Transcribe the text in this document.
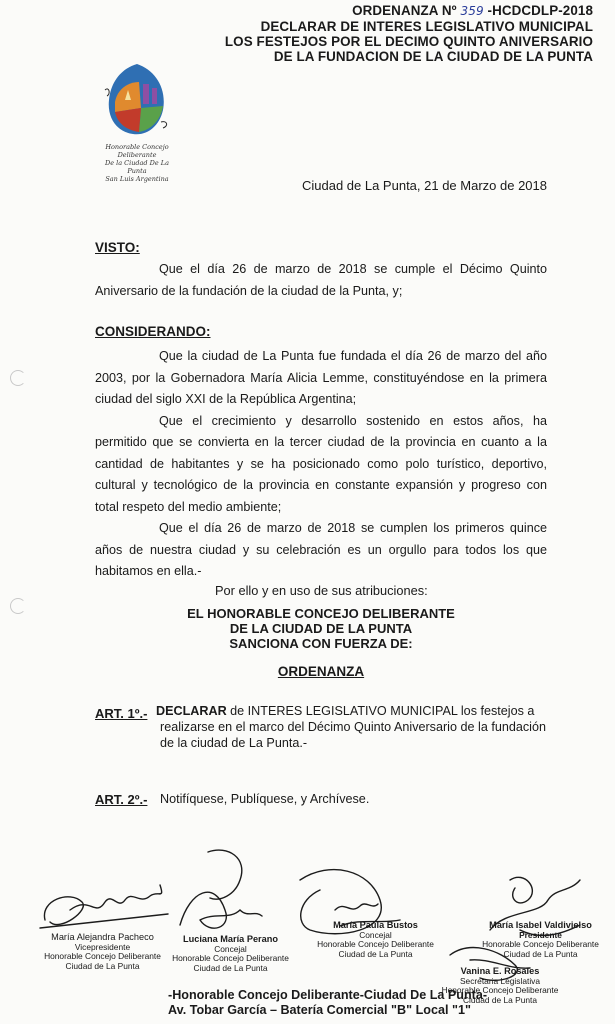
ORDENANZA Nº 359 -HCDCDLP-2018
DECLARAR DE INTERES LEGISLATIVO MUNICIPAL
LOS FESTEJOS POR EL DECIMO QUINTO ANIVERSARIO
DE LA FUNDACION DE LA CIUDAD DE LA PUNTA
Honorable Concejo Deliberante
De la Ciudad De La Punta
San Luis Argentina	Ciudad de La Punta, 21 de Marzo de 2018
VISTO:
Que el día 26 de marzo de 2018 se cumple el Décimo Quinto Aniversario de la fundación de la ciudad de la Punta, y;
CONSIDERANDO:
Que la ciudad de La Punta fue fundada el día 26 de marzo del año 2003, por la Gobernadora María Alicia Lemme, constituyéndose en la primera ciudad del siglo XXI de la República Argentina;
Que el crecimiento y desarrollo sostenido en estos años, ha permitido que se convierta en la tercer ciudad de la provincia en cuanto a la cantidad de habitantes y se ha posicionado como polo turístico, deportivo, cultural y tecnológico de la provincia en constante expansión y progreso con total respeto del medio ambiente;
Que el día 26 de marzo de 2018 se cumplen los primeros quince años de nuestra ciudad y su celebración es un orgullo para todos los que habitamos en ella.-
Por ello y en uso de sus atribuciones:
EL HONORABLE CONCEJO DELIBERANTE
DE LA CIUDAD DE LA PUNTA
SANCIONA CON FUERZA DE:
ORDENANZA
ART. 1º.- DECLARAR de INTERES LEGISLATIVO MUNICIPAL los festejos a
realizarse en el marco del Décimo Quinto Aniversario de la fundación de la ciudad de La Punta.-
ART. 2º.- Notifíquese, Publíquese, y Archívese.
María Alejandra Pacheco
Vicepresidente
Honorable Concejo Deliberante
Ciudad de La Punta
Luciana María Perano
Concejal
Honorable Concejo Deliberante
Ciudad de La Punta
María Paula Bustos
Concejal
Honorable Concejo Deliberante
Ciudad de La Punta
María Isabel Valdivielso
Presidente
Honorable Concejo Deliberante
Ciudad de La Punta
Vanina E. Rosales
Secretaria Legislativa
Honorable Concejo Deliberante
Ciudad de La Punta
-Honorable Concejo Deliberante-Ciudad De La Punta-
Av. Tobar García – Batería Comercial "B" Local "1"
